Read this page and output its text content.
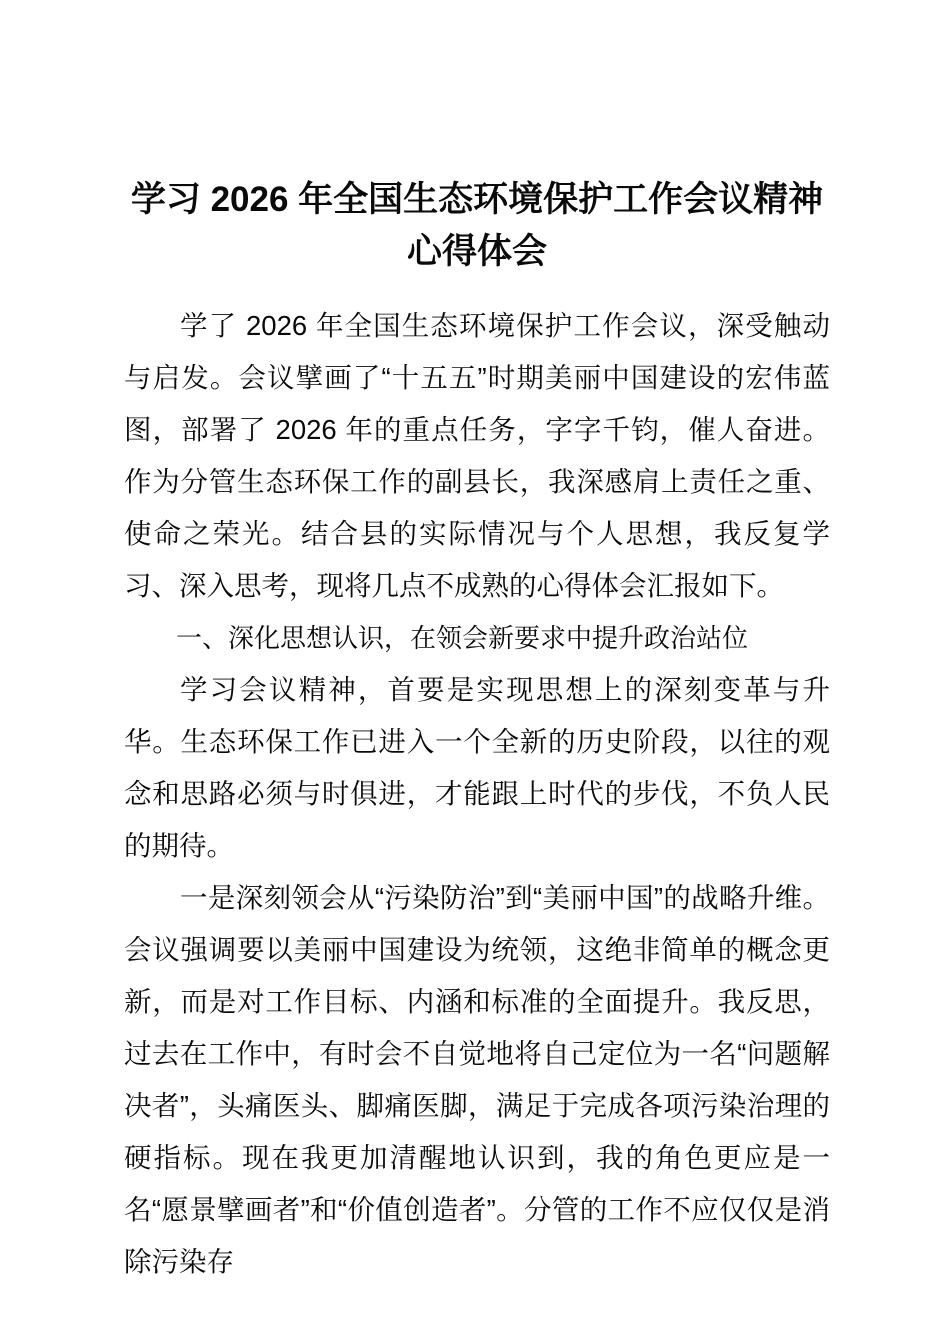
学习 2026 年全国生态环境保护工作会议精神
心得体会

学了 2026 年全国生态环境保护工作会议，深受触动与启发。会议擘画了“十五五”时期美丽中国建设的宏伟蓝图，部署了 2026 年的重点任务，字字千钧，催人奋进。作为分管生态环保工作的副县长，我深感肩上责任之重、使命之荣光。结合县的实际情况与个人思想，我反复学习、深入思考，现将几点不成熟的心得体会汇报如下。

一、深化思想认识，在领会新要求中提升政治站位

学习会议精神，首要是实现思想上的深刻变革与升华。生态环保工作已进入一个全新的历史阶段，以往的观念和思路必须与时俱进，才能跟上时代的步伐，不负人民的期待。

一是深刻领会从“污染防治”到“美丽中国”的战略升维。会议强调要以美丽中国建设为统领，这绝非简单的概念更新，而是对工作目标、内涵和标准的全面提升。我反思，过去在工作中，有时会不自觉地将自己定位为一名“问题解决者”，头痛医头、脚痛医脚，满足于完成各项污染治理的硬指标。现在我更加清醒地认识到，我的角色更应是一名“愿景擘画者”和“价值创造者”。分管的工作不应仅仅是消除污染存
